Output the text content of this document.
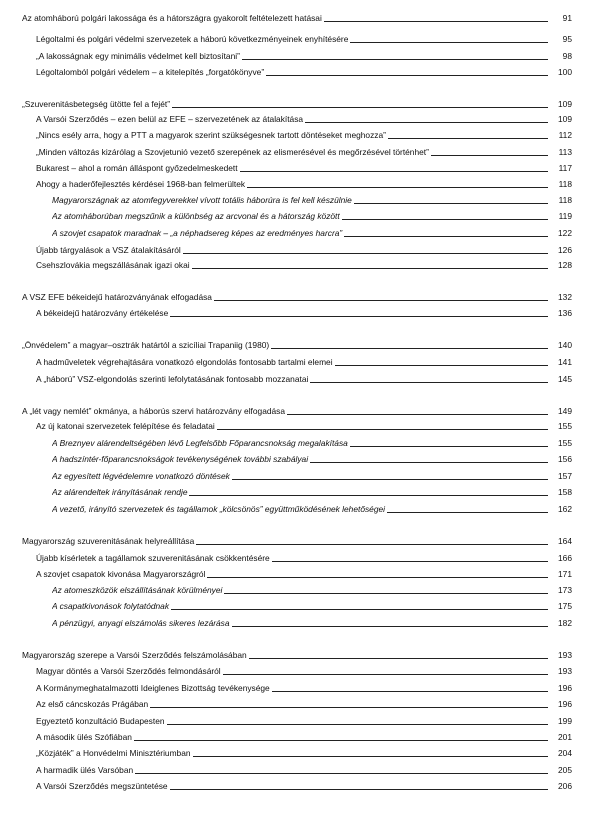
Az atomháború polgári lakossága és a hátországra gyakorolt feltételezett hatásai	91
Légoltalmi és polgári védelmi szervezetek a háború következményeinek enyhítésére	95
„A lakosságnak egy minimális védelmet kell biztosítani”	98
Légoltalomból polgári védelem – a kitelepítés „forgatókönyve”	100
„Szuverenitásbetegség ütötte fel a fejét”	109
A Varsói Szerződés – ezen belül az EFE – szervezetének az átalakítása	109
„Nincs esély arra, hogy a PTT a magyarok szerint szükségesnek tartott döntéseket meghozza”	112
„Minden változás kizárólag a Szovjetunió vezető szerepének az elismerésével és megőrzésével történhet”	113
Bukarest – ahol a román álláspont győzedelmeskedett	117
Ahogy a haderőfejlesztés kérdései 1968-ban felmerültek	118
Magyarországnak az atomfegyverekkel vívott totális háborúra is fel kell készülnie	118
Az atomháborúban megszűnik a különbség az arcvonal és a hátország között	119
A szovjet csapatok maradnak – „a néphadsereg képes az eredményes harcra”	122
Újabb tárgyalások a VSZ átalakításáról	126
Csehszlovákia megszállásának igazi okai	128
A VSZ EFE békeidejű határozványának elfogadása	132
A békeidejű határozvány értékelése	136
„Önvédelem” a magyar–osztrák határtól a szicíliai Trapaniig (1980)	140
A hadműveletek végrehajtására vonatkozó elgondolás fontosabb tartalmi elemei	141
A „háború” VSZ-elgondolás szerinti lefolytatásának fontosabb mozzanatai	145
A „lét vagy nemlét” okmánya, a háborús szervi határozvány elfogadása	149
Az új katonai szervezetek felépítése és feladatai	155
A Breznyev alárendeltségében lévő Legfelsőbb Főparancsnokság megalakítása	155
A hadszíntér-főparancsnokságok tevékenységének további szabályai	156
Az egyesített légvédelemre vonatkozó döntések	157
Az alárendeltek irányításának rendje	158
A vezető, irányító szervezetek és tagállamok „kölcsönös” együttműködésének lehetőségei	162
Magyarország szuverenitásának helyreállítása	164
Újabb kísérletek a tagállamok szuverenitásának csökkentésére	166
A szovjet csapatok kivonása Magyarországról	171
Az atomeszközök elszállításának körülményei	173
A csapatkivonások folytatódnak	175
A pénzügyi, anyagi elszámolás sikeres lezárása	182
Magyarország szerepe a Varsói Szerződés felszámolásában	193
Magyar döntés a Varsói Szerződés felmondásáról	193
A Kormánymeghatalmazotti Ideiglenes Bizottság tevékenysége	196
Az első cáncskozás Prágában	196
Egyeztető konzultáció Budapesten	199
A második ülés Szófiában	201
„Közjáték” a Honvédelmi Minisztériumban	204
A harmadik ülés Varsóban	205
A Varsói Szerződés megszüntetése	206
